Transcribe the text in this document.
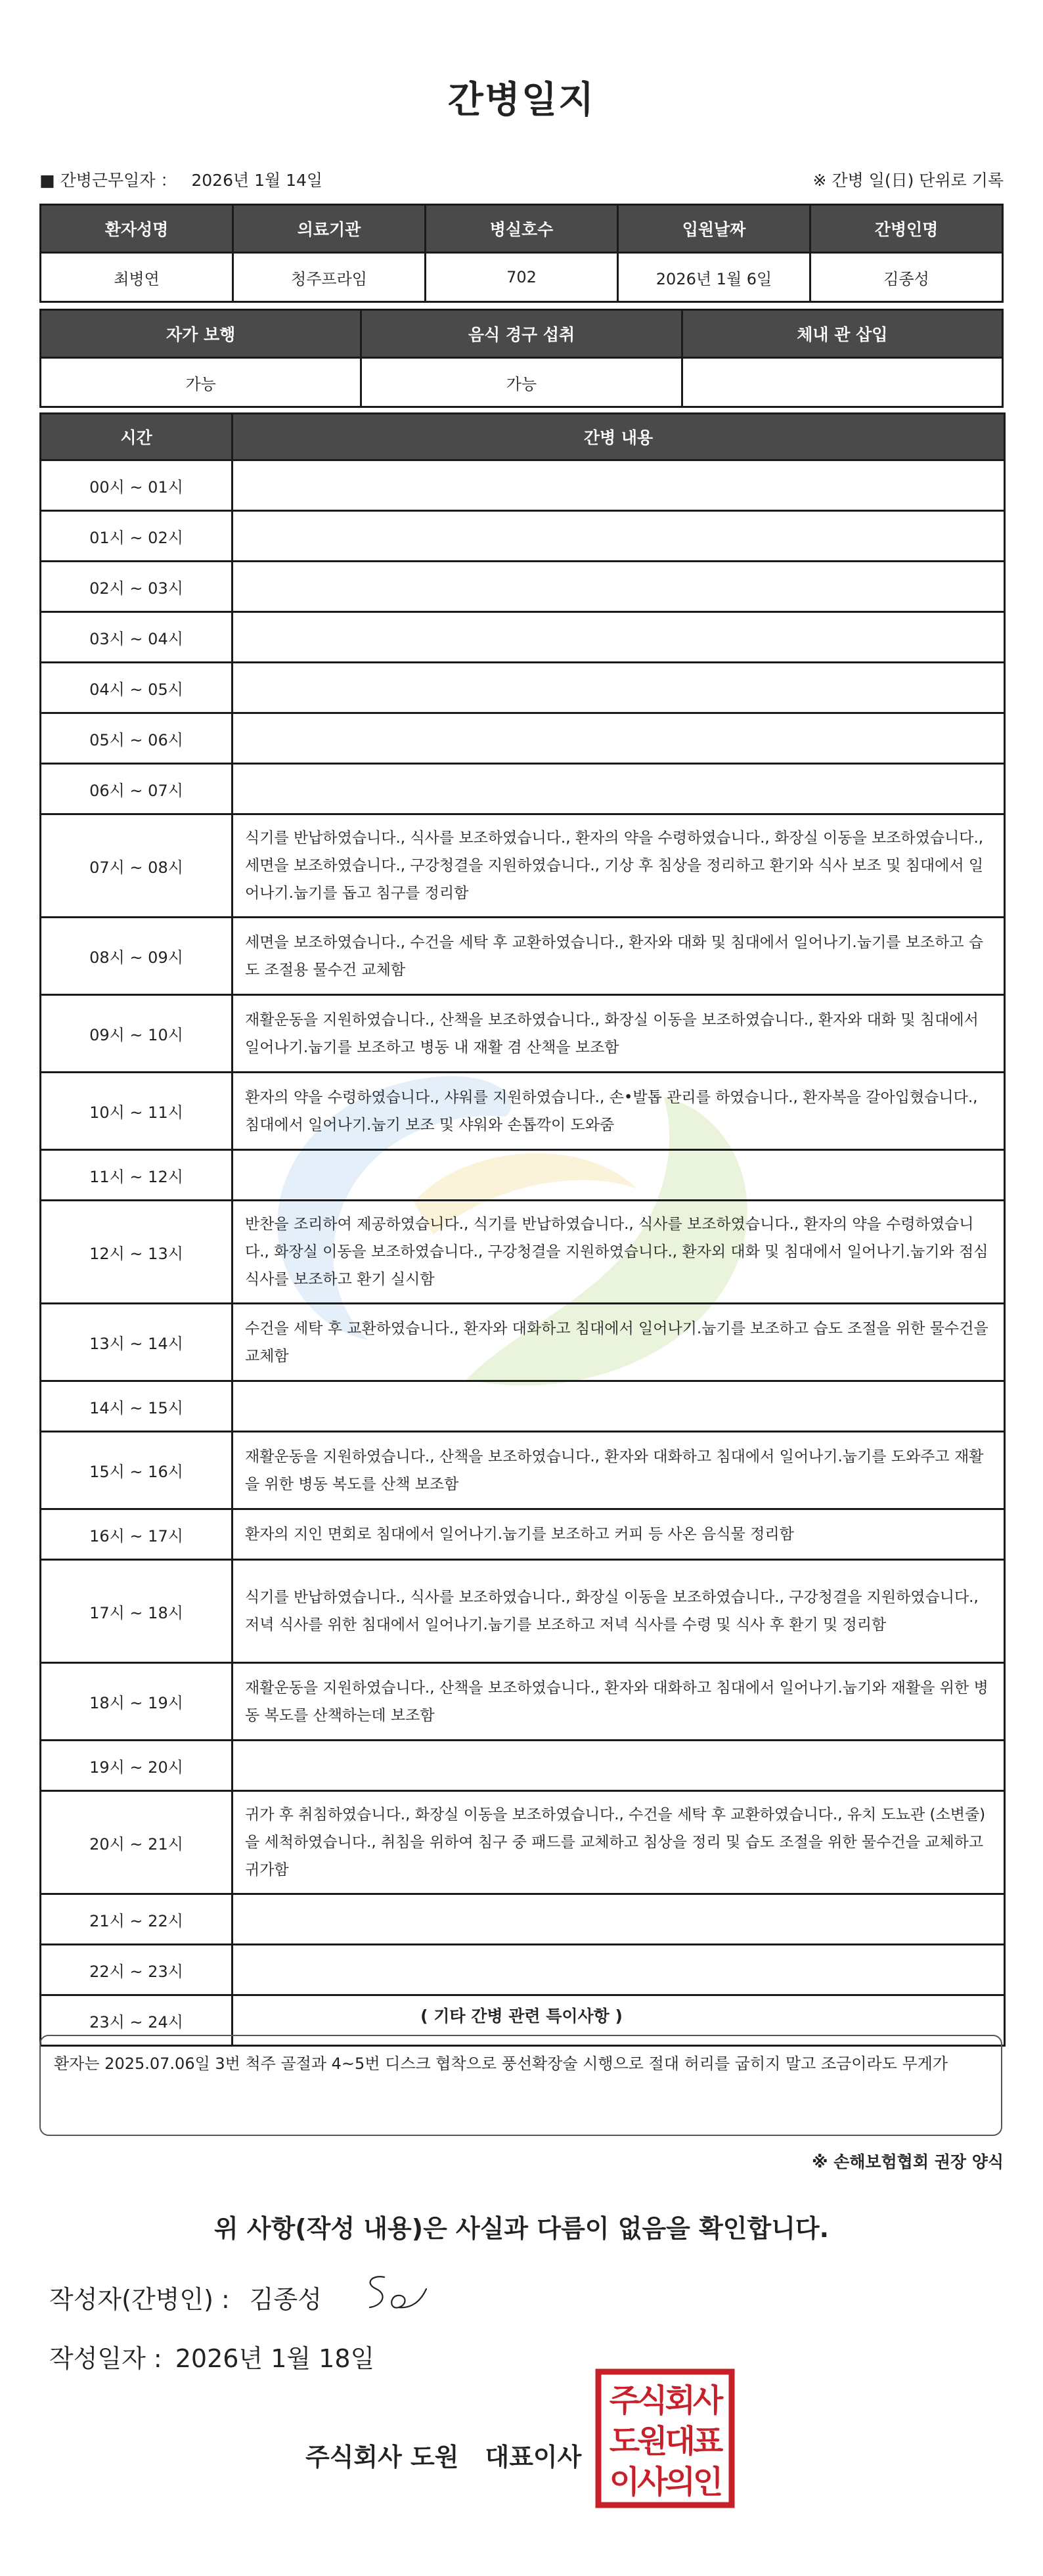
간병일지
■ 간병근무일자 ： 2026년 1월 14일	※ 간병 일(日) 단위로 기록
환자성명	의료기관	병실호수	입원날짜	간병인명
최병연	청주프라임	702	2026년 1월 6일	김종성
자가 보행	음식 경구 섭취	체내 관 삽입
가능	가능	
시간	간병 내용
00시 ~ 01시	
01시 ~ 02시	
02시 ~ 03시	
03시 ~ 04시	
04시 ~ 05시	
05시 ~ 06시	
06시 ~ 07시	
07시 ~ 08시	식기를 반납하였습니다., 식사를 보조하였습니다., 환자의 약을 수령하였습니다., 화장실 이동을 보조하였습니다., 세면을 보조하였습니다., 구강청결을 지원하였습니다., 기상 후 침상을 정리하고 환기와 식사 보조 및 침대에서 일어나기.눕기를 돕고 침구를 정리함
08시 ~ 09시	세면을 보조하였습니다., 수건을 세탁 후 교환하였습니다., 환자와 대화 및 침대에서 일어나기.눕기를 보조하고 습도 조절용 물수건 교체함
09시 ~ 10시	재활운동을 지원하였습니다., 산책을 보조하였습니다., 화장실 이동을 보조하였습니다., 환자와 대화 및 침대에서 일어나기.눕기를 보조하고 병동 내 재활 겸 산책을 보조함
10시 ~ 11시	환자의 약을 수령하였습니다., 샤워를 지원하였습니다., 손•발톱 관리를 하였습니다., 환자복을 갈아입혔습니다., 침대에서 일어나기.눕기 보조 및 샤워와 손톱깍이 도와줌
11시 ~ 12시	
12시 ~ 13시	반찬을 조리하여 제공하였습니다., 식기를 반납하였습니다., 식사를 보조하였습니다., 환자의 약을 수령하였습니다., 화장실 이동을 보조하였습니다., 구강청결을 지원하였습니다., 환자외 대화 및 침대에서 일어나기.눕기와 점심식사를 보조하고 환기 실시함
13시 ~ 14시	수건을 세탁 후 교환하였습니다., 환자와 대화하고 침대에서 일어나기.눕기를 보조하고 습도 조절을 위한 물수건을 교체함
14시 ~ 15시	
15시 ~ 16시	재활운동을 지원하였습니다., 산책을 보조하였습니다., 환자와 대화하고 침대에서 일어나기.눕기를 도와주고 재활을 위한 병동 복도를 산책 보조함
16시 ~ 17시	환자의 지인 면회로 침대에서 일어나기.눕기를 보조하고 커피 등 사온 음식물 정리함
17시 ~ 18시	식기를 반납하였습니다., 식사를 보조하였습니다., 화장실 이동을 보조하였습니다., 구강청결을 지원하였습니다., 저녁 식사를 위한 침대에서 일어나기.눕기를 보조하고 저녁 식사를 수령 및 식사 후 환기 및 정리함
18시 ~ 19시	재활운동을 지원하였습니다., 산책을 보조하였습니다., 환자와 대화하고 침대에서 일어나기.눕기와 재활을 위한 병동 복도를 산책하는데 보조함
19시 ~ 20시	
20시 ~ 21시	귀가 후 취침하였습니다., 화장실 이동을 보조하였습니다., 수건을 세탁 후 교환하였습니다., 유치 도뇨관 (소변줄)을 세척하였습니다., 취침을 위하여 침구 중 패드를 교체하고 침상을 정리 및 습도 조절을 위한 물수건을 교체하고 귀가함
21시 ~ 22시	
22시 ~ 23시	
23시 ~ 24시		( 기타 간병 관련 특이사항 )
환자는 2025.07.06일 3번 척주 골절과 4~5번 디스크 협착으로 풍선확장술 시행으로 절대 허리를 굽히지 말고 조금이라도 무게가
※ 손해보험협회 권장 양식
위 사항(작성 내용)은 사실과 다름이 없음을 확인합니다.
작성자(간병인) : 김종성
작성일자 : 2026년 1월 18일
주식회사 도원 대표이사
주식회사
도원대표
이사의인
